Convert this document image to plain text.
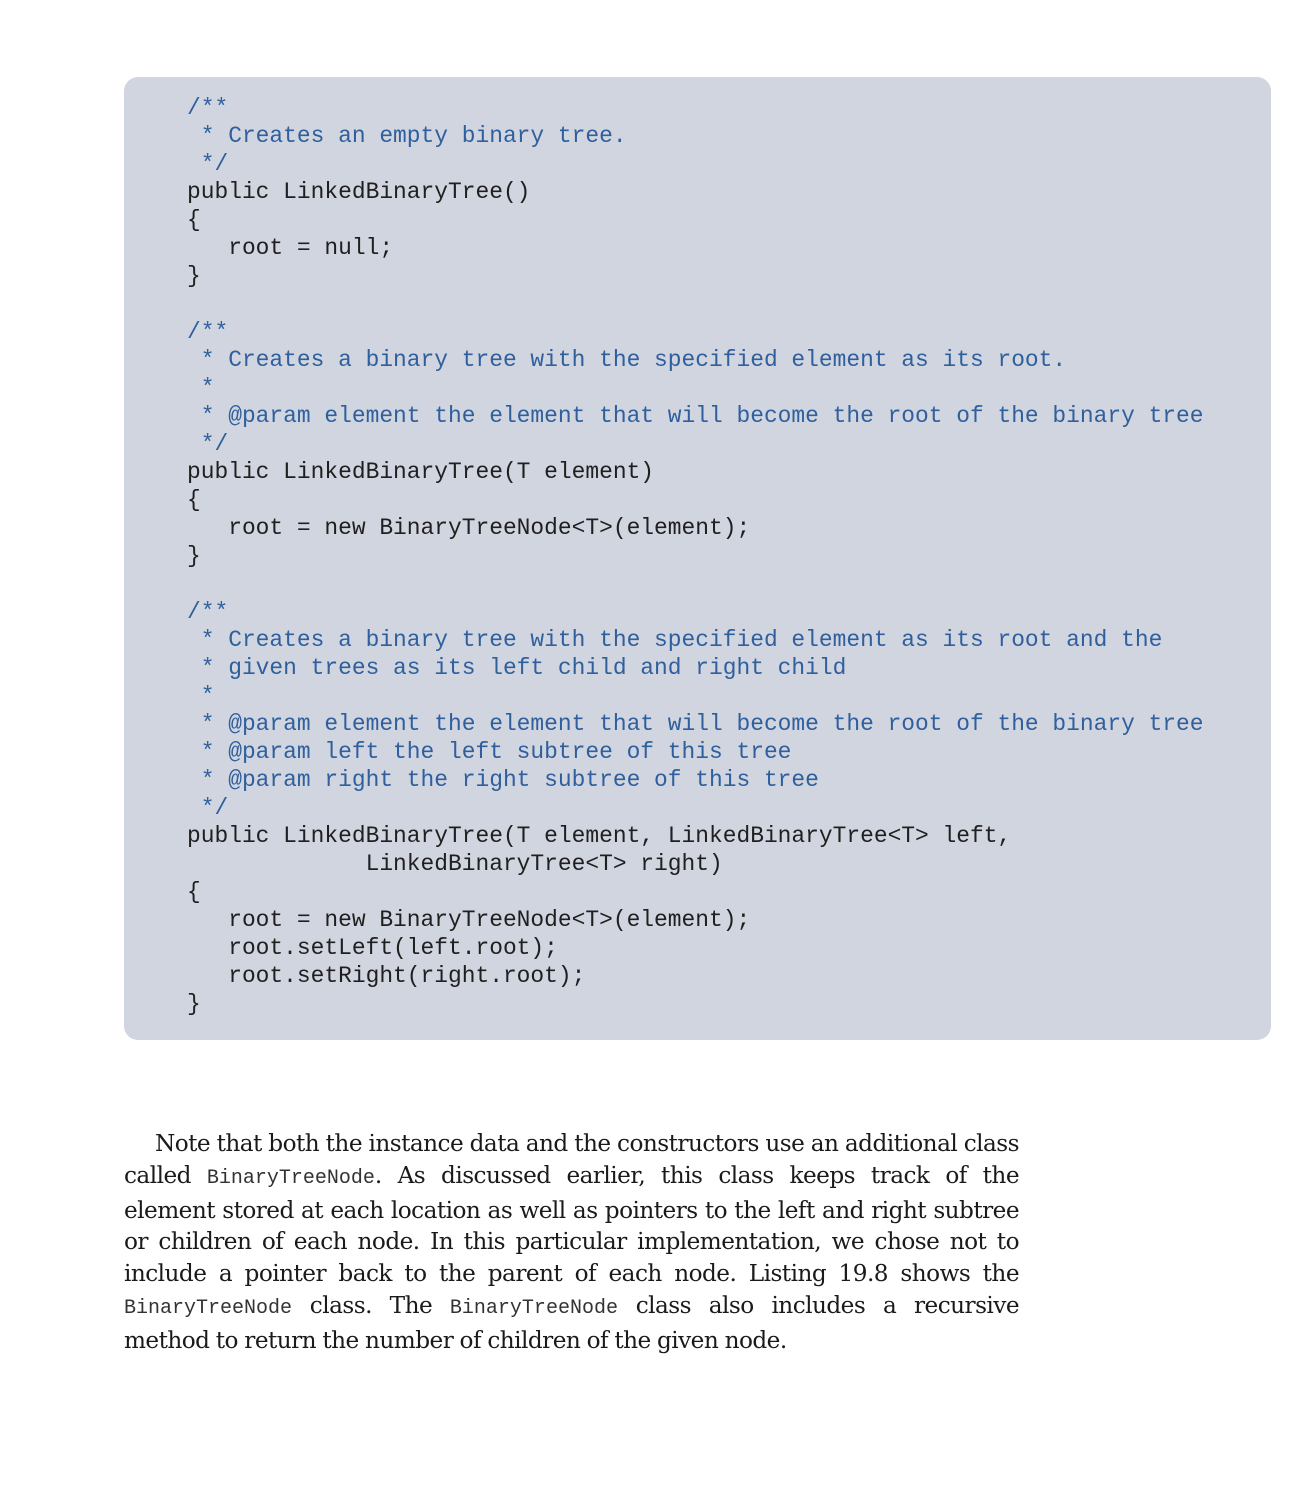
/**
* Creates an empty binary tree.
*/
public LinkedBinaryTree()
{
root = null;
}
/**
* Creates a binary tree with the specified element as its root.
*
* @param element the element that will become the root of the binary tree
*/
public LinkedBinaryTree(T element)
{
root = new BinaryTreeNode<T>(element);
}
/**
* Creates a binary tree with the specified element as its root and the
* given trees as its left child and right child
*
* @param element the element that will become the root of the binary tree
* @param left the left subtree of this tree
* @param right the right subtree of this tree
*/
public LinkedBinaryTree(T element, LinkedBinaryTree<T> left,
LinkedBinaryTree<T> right)
{
root = new BinaryTreeNode<T>(element);
root.setLeft(left.root);
root.setRight(right.root);
}

Note that both the instance data and the constructors use an additional class called BinaryTreeNode. As discussed earlier, this class keeps track of the element stored at each location as well as pointers to the left and right subtree or children of each node. In this particular implementation, we chose not to include a pointer back to the parent of each node. Listing 19.8 shows the BinaryTreeNode class. The BinaryTreeNode class also includes a recursive method to return the number of children of the given node.
